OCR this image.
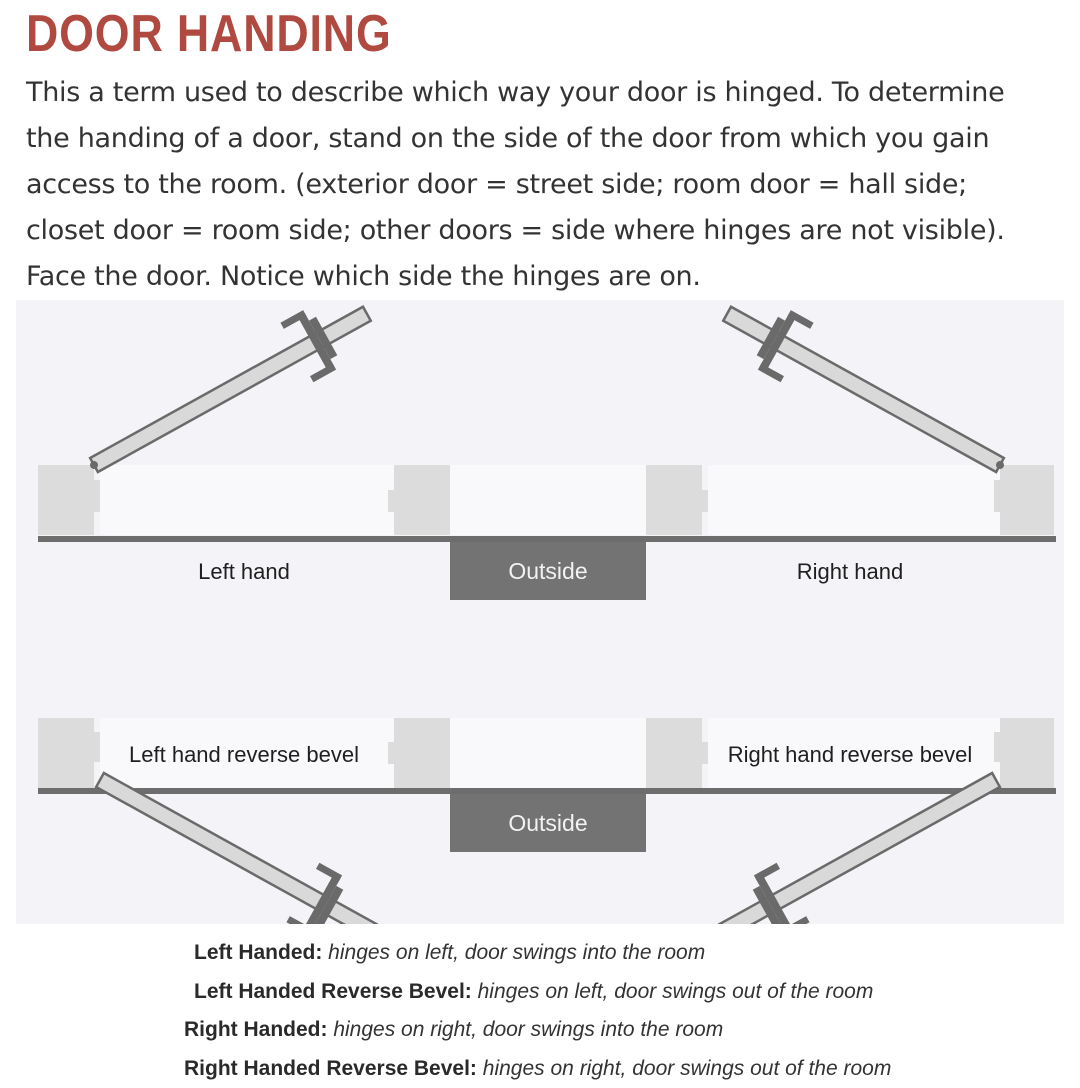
DOOR HANDING
This a term used to describe which way your door is hinged. To determine
the handing of a door, stand on the side of the door from which you gain
access to the room. (exterior door = street side; room door = hall side;
closet door = room side; other doors = side where hinges are not visible).
Face the door. Notice which side the hinges are on.
Left hand	Outside	Right hand
Left hand reverse bevel
Outside
Right hand reverse bevel
Left Handed: hinges on left, door swings into the room
Left Handed Reverse Bevel: hinges on left, door swings out of the room
Right Handed: hinges on right, door swings into the room
Right Handed Reverse Bevel: hinges on right, door swings out of the room
